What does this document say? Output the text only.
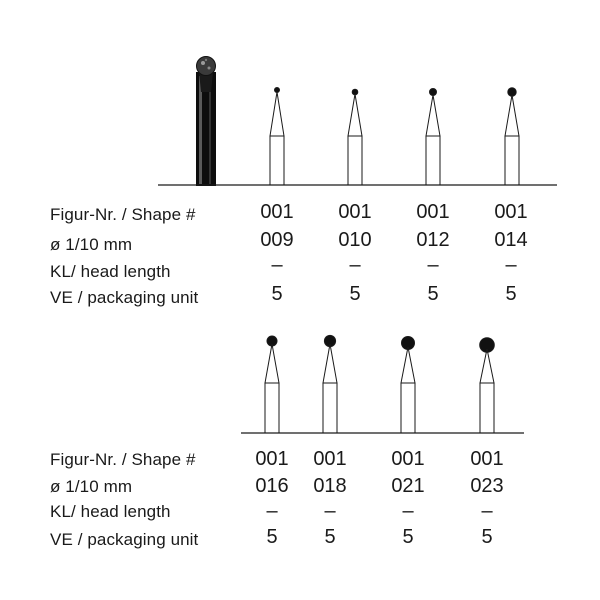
Figur-Nr. / Shape #
ø 1/10 mm
KL/ head length
VE / packaging unit
001
009
–
5
001
010
–
5
001
012
–
5
001
014
–
5
Figur-Nr. / Shape #
ø 1/10 mm
KL/ head length
VE / packaging unit
001
016
–
5
001
018
–
5
001
021
–
5
001
023
–
5
